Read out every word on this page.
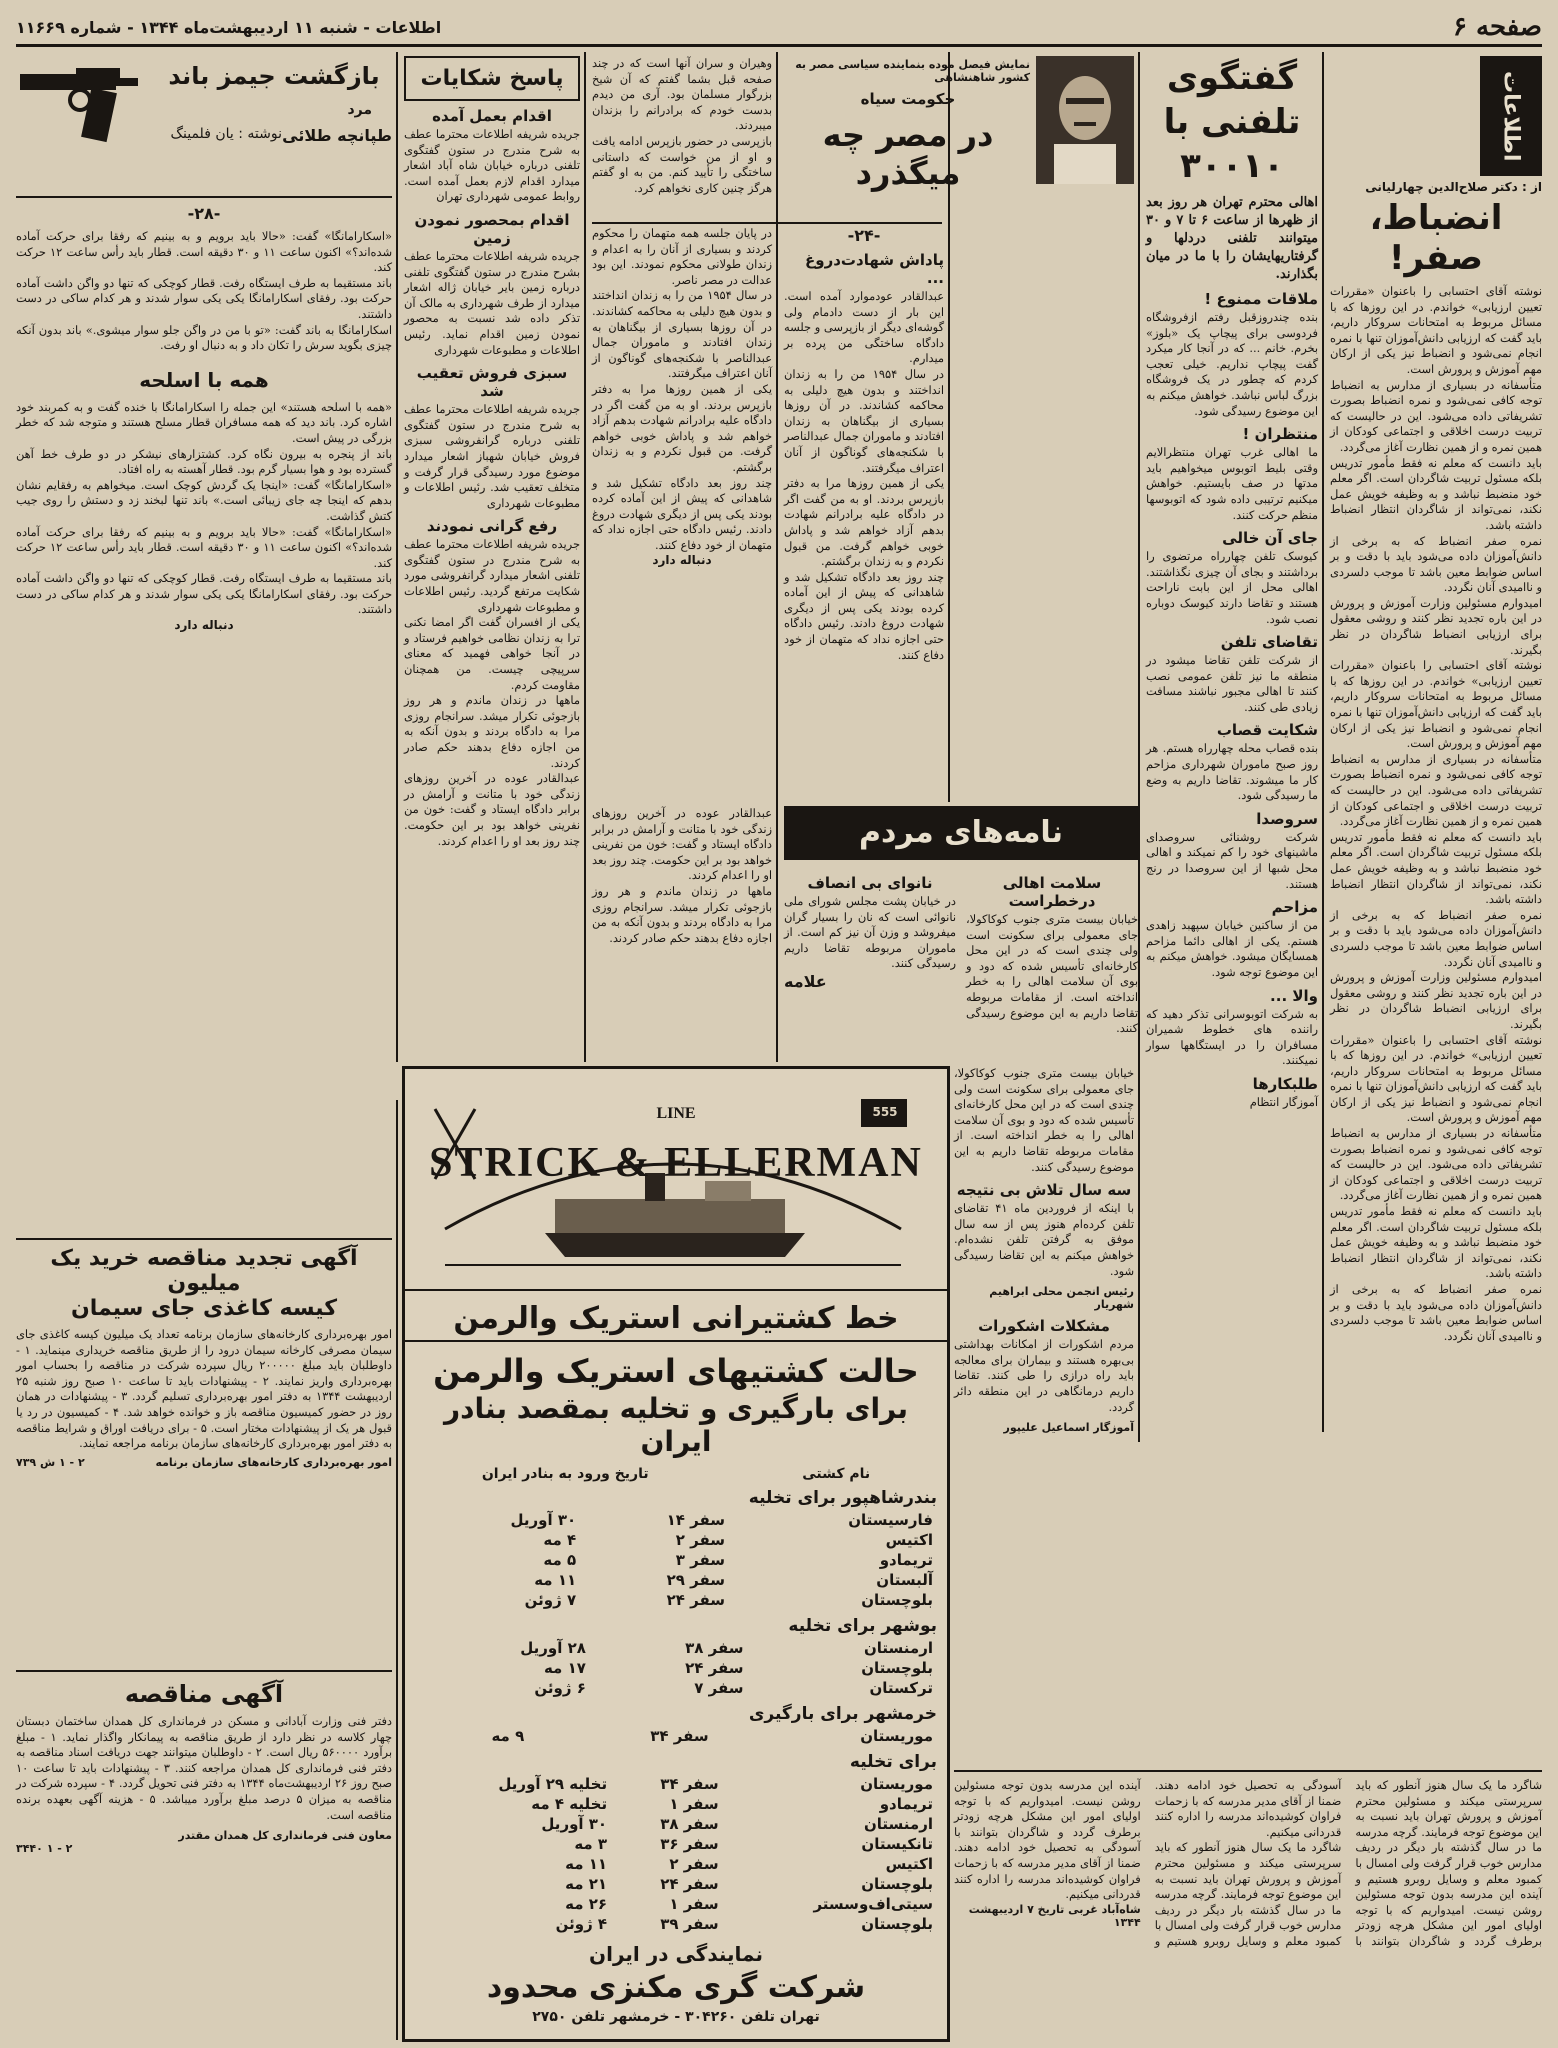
صفحه ۶
اطلاعات - شنبه ۱۱ اردیبهشت‌ماه ۱۳۴۴ - شماره ۱۱۶۶۹
اطلاعات
از : دکتر صلاح‌الدین چهارلیانی
انضباط، صفر!

نوشته آقای احتسابی را باعنوان «مقررات تعیین ارزیابی» خواندم. در این روزها که با مسائل مربوط به امتحانات سروکار داریم، باید گفت که ارزیابی دانش‌آموزان تنها با نمره انجام نمی‌شود و انضباط نیز یکی از ارکان مهم آموزش و پرورش است.

متأسفانه در بسیاری از مدارس به انضباط توجه کافی نمی‌شود و نمره انضباط بصورت تشریفاتی داده می‌شود. این در حالیست که تربیت درست اخلاقی و اجتماعی کودکان از همین نمره و از همین نظارت آغاز می‌گردد.

باید دانست که معلم نه فقط مأمور تدریس بلکه مسئول تربیت شاگردان است. اگر معلم خود منضبط نباشد و به وظیفه خویش عمل نکند، نمی‌تواند از شاگردان انتظار انضباط داشته باشد.

نمره صفر انضباط که به برخی از دانش‌آموزان داده می‌شود باید با دقت و بر اساس ضوابط معین باشد تا موجب دلسردی و ناامیدی آنان نگردد.

امیدوارم مسئولین وزارت آموزش و پرورش در این باره تجدید نظر کنند و روشی معقول برای ارزیابی انضباط شاگردان در نظر بگیرند.

نوشته آقای احتسابی را باعنوان «مقررات تعیین ارزیابی» خواندم. در این روزها که با مسائل مربوط به امتحانات سروکار داریم، باید گفت که ارزیابی دانش‌آموزان تنها با نمره انجام نمی‌شود و انضباط نیز یکی از ارکان مهم آموزش و پرورش است.

متأسفانه در بسیاری از مدارس به انضباط توجه کافی نمی‌شود و نمره انضباط بصورت تشریفاتی داده می‌شود. این در حالیست که تربیت درست اخلاقی و اجتماعی کودکان از همین نمره و از همین نظارت آغاز می‌گردد.

باید دانست که معلم نه فقط مأمور تدریس بلکه مسئول تربیت شاگردان است. اگر معلم خود منضبط نباشد و به وظیفه خویش عمل نکند، نمی‌تواند از شاگردان انتظار انضباط داشته باشد.

نمره صفر انضباط که به برخی از دانش‌آموزان داده می‌شود باید با دقت و بر اساس ضوابط معین باشد تا موجب دلسردی و ناامیدی آنان نگردد.

امیدوارم مسئولین وزارت آموزش و پرورش در این باره تجدید نظر کنند و روشی معقول برای ارزیابی انضباط شاگردان در نظر بگیرند.

نوشته آقای احتسابی را باعنوان «مقررات تعیین ارزیابی» خواندم. در این روزها که با مسائل مربوط به امتحانات سروکار داریم، باید گفت که ارزیابی دانش‌آموزان تنها با نمره انجام نمی‌شود و انضباط نیز یکی از ارکان مهم آموزش و پرورش است.

متأسفانه در بسیاری از مدارس به انضباط توجه کافی نمی‌شود و نمره انضباط بصورت تشریفاتی داده می‌شود. این در حالیست که تربیت درست اخلاقی و اجتماعی کودکان از همین نمره و از همین نظارت آغاز می‌گردد.

باید دانست که معلم نه فقط مأمور تدریس بلکه مسئول تربیت شاگردان است. اگر معلم خود منضبط نباشد و به وظیفه خویش عمل نکند، نمی‌تواند از شاگردان انتظار انضباط داشته باشد.

نمره صفر انضباط که به برخی از دانش‌آموزان داده می‌شود باید با دقت و بر اساس ضوابط معین باشد تا موجب دلسردی و ناامیدی آنان نگردد.

گفتگوی تلفنی با ۳۰۰۱۰

اهالی محترم تهران هر روز بعد از ظهرها از ساعت ۶ تا ۷ و ۳۰ میتوانند تلفنی دردلها و گرفتاریهایشان را با ما در میان بگذارند.

ملاقات ممنوع !

بنده چندروزقبل رفتم ازفروشگاه فردوسی برای پیچاپ یک «بلوز» بخرم. خانم ... که در آنجا کار میکرد گفت پیچاپ نداریم. خیلی تعجب کردم که چطور در یک فروشگاه بزرگ لباس نباشد. خواهش میکنم به این موضوع رسیدگی شود.

منتظران !

ما اهالی غرب تهران منتظرالایم وقتی بلیط اتوبوس میخواهیم باید مدتها در صف بایستیم. خواهش میکنیم ترتیبی داده شود که اتوبوسها منظم حرکت کنند.

جای آن خالی

کیوسک تلفن چهارراه مرتضوی را برداشتند و بجای آن چیزی نگذاشتند. اهالی محل از این بابت ناراحت هستند و تقاضا دارند کیوسک دوباره نصب شود.

تقاضای تلفن

از شرکت تلفن تقاضا میشود در منطقه ما نیز تلفن عمومی نصب کنند تا اهالی مجبور نباشند مسافت زیادی طی کنند.

شکایت قصاب

بنده قصاب محله چهارراه هستم. هر روز صبح ماموران شهرداری مزاحم کار ما میشوند. تقاضا داریم به وضع ما رسیدگی شود.

سروصدا

شرکت روشنائی سروصدای ماشینهای خود را کم نمیکند و اهالی محل شبها از این سروصدا در رنج هستند.

مزاحم

من از ساکنین خیابان سپهبد زاهدی هستم. یکی از اهالی دائما مزاحم همسایگان میشود. خواهش میکنم به این موضوع توجه شود.

والا ...

به شرکت اتوبوسرانی تذکر دهید که راننده های خطوط شمیران مسافران را در ایستگاهها سوار نمیکنند.

طلبکارها

آموزگار انتظام

نمایش فیصل موده بنماینده سیاسی مصر به کشور شاهنشاهی
حکومت سیاه
در مصر چه میگذرد
-۲۴-
پاداش شهادت‌دروغ ...

عبدالقادر عودموارد آمده است. این بار از دست دادمام ولی گوشه‌ای دیگر از بازپرسی و جلسه دادگاه ساختگی من پرده بر میدارم.

در سال ۱۹۵۴ من را به زندان انداختند و بدون هیچ دلیلی به محاکمه کشاندند. در آن روزها بسیاری از بیگناهان به زندان افتادند و ماموران جمال عبدالناصر با شکنجه‌های گوناگون از آنان اعتراف میگرفتند.

یکی از همین روزها مرا به دفتر بازپرس بردند. او به من گفت اگر در دادگاه علیه برادرانم شهادت بدهم آزاد خواهم شد و پاداش خوبی خواهم گرفت. من قبول نکردم و به زندان برگشتم.

چند روز بعد دادگاه تشکیل شد و شاهدانی که پیش از این آماده کرده بودند یکی پس از دیگری شهادت دروغ دادند. رئیس دادگاه حتی اجازه نداد که متهمان از خود دفاع کنند.

در پایان جلسه همه متهمان را محکوم کردند و بسیاری از آنان را به اعدام و زندان طولانی محکوم نمودند. این بود عدالت در مصر ناصر.

در سال ۱۹۵۴ من را به زندان انداختند و بدون هیچ دلیلی به محاکمه کشاندند. در آن روزها بسیاری از بیگناهان به زندان افتادند و ماموران جمال عبدالناصر با شکنجه‌های گوناگون از آنان اعتراف میگرفتند.

یکی از همین روزها مرا به دفتر بازپرس بردند. او به من گفت اگر در دادگاه علیه برادرانم شهادت بدهم آزاد خواهم شد و پاداش خوبی خواهم گرفت. من قبول نکردم و به زندان برگشتم.

چند روز بعد دادگاه تشکیل شد و شاهدانی که پیش از این آماده کرده بودند یکی پس از دیگری شهادت دروغ دادند. رئیس دادگاه حتی اجازه نداد که متهمان از خود دفاع کنند.

دنباله دارد

وهیران و سران آنها است که در چند صفحه قبل بشما گفتم که آن شیخ بزرگوار مسلمان بود. آری من دیدم بدست خودم که برادرانم را بزندان میبردند.

بازپرسی در حضور بازپرس ادامه یافت و او از من خواست که داستانی ساختگی را تأیید کنم. من به او گفتم هرگز چنین کاری نخواهم کرد.

پاسخ شکایات
اقدام بعمل آمده

جریده شریفه اطلاعات محترما عطف به شرح مندرج در ستون گفتگوی تلفنی درباره خیابان شاه آباد اشعار میدارد اقدام لازم بعمل آمده است. روابط عمومی شهرداری تهران

اقدام بمحصور نمودن زمین

جریده شریفه اطلاعات محترما عطف بشرح مندرج در ستون گفتگوی تلفنی درباره زمین بایر خیابان ژاله اشعار میدارد از طرف شهرداری به مالک آن تذکر داده شد نسبت به محصور نمودن زمین اقدام نماید. رئیس اطلاعات و مطبوعات شهرداری

سبزی فروش تعقیب شد

جریده شریفه اطلاعات محترما عطف به شرح مندرج در ستون گفتگوی تلفنی درباره گرانفروشی سبزی فروش خیابان شهباز اشعار میدارد موضوع مورد رسیدگی قرار گرفت و متخلف تعقیب شد. رئیس اطلاعات و مطبوعات شهرداری

رفع گرانی نمودند

جریده شریفه اطلاعات محترما عطف به شرح مندرج در ستون گفتگوی تلفنی اشعار میدارد گرانفروشی مورد شکایت مرتفع گردید. رئیس اطلاعات و مطبوعات شهرداری

یکی از افسران گفت اگر امضا نکنی ترا به زندان نظامی خواهیم فرستاد و در آنجا خواهی فهمید که معنای سرپیچی چیست. من همچنان مقاومت کردم.

ماهها در زندان ماندم و هر روز بازجوئی تکرار میشد. سرانجام روزی مرا به دادگاه بردند و بدون آنکه به من اجازه دفاع بدهند حکم صادر کردند.

عبدالقادر عوده در آخرین روزهای زندگی خود با متانت و آرامش در برابر دادگاه ایستاد و گفت: خون من نفرینی خواهد بود بر این حکومت. چند روز بعد او را اعدام کردند.

بازگشت جیمز باند
مرد
طپانچه طلائی
نوشته : یان فلمینگ
-۲۸-

«اسکارامانگا» گفت: «حالا باید برویم و به بینیم که رفقا برای حرکت آماده شده‌اند؟» اکنون ساعت ۱۱ و ۳۰ دقیقه است. قطار باید رأس ساعت ۱۲ حرکت کند.

باند مستقیما به طرف ایستگاه رفت. قطار کوچکی که تنها دو واگن داشت آماده حرکت بود. رفقای اسکارامانگا یکی یکی سوار شدند و هر کدام ساکی در دست داشتند.

اسکارامانگا به باند گفت: «تو با من در واگن جلو سوار میشوی.» باند بدون آنکه چیزی بگوید سرش را تکان داد و به دنبال او رفت.

همه با اسلحه

«همه با اسلحه هستند» این جمله را اسکارامانگا با خنده گفت و به کمربند خود اشاره کرد. باند دید که همه مسافران قطار مسلح هستند و متوجه شد که خطر بزرگی در پیش است.

باند از پنجره به بیرون نگاه کرد. کشتزارهای نیشکر در دو طرف خط آهن گسترده بود و هوا بسیار گرم بود. قطار آهسته به راه افتاد.

«اسکارامانگا» گفت: «اینجا یک گردش کوچک است. میخواهم به رفقایم نشان بدهم که اینجا چه جای زیبائی است.» باند تنها لبخند زد و دستش را روی جیب کتش گذاشت.

«اسکارامانگا» گفت: «حالا باید برویم و به بینیم که رفقا برای حرکت آماده شده‌اند؟» اکنون ساعت ۱۱ و ۳۰ دقیقه است. قطار باید رأس ساعت ۱۲ حرکت کند.

باند مستقیما به طرف ایستگاه رفت. قطار کوچکی که تنها دو واگن داشت آماده حرکت بود. رفقای اسکارامانگا یکی یکی سوار شدند و هر کدام ساکی در دست داشتند.

دنباله دارد
نامه‌های مردم
سلامت اهالی درخطراست

خیابان بیست متری جنوب کوکاکولا، جای معمولی برای سکونت است ولی چندی است که در این محل کارخانه‌ای تأسیس شده که دود و بوی آن سلامت اهالی را به خطر انداخته است. از مقامات مربوطه تقاضا داریم به این موضوع رسیدگی کنند.

نانوای بی انصاف

در خیابان پشت مجلس شورای ملی نانوائی است که نان را بسیار گران میفروشد و وزن آن نیز کم است. از ماموران مربوطه تقاضا داریم رسیدگی کنند.

علامه

عبدالقادر عوده در آخرین روزهای زندگی خود با متانت و آرامش در برابر دادگاه ایستاد و گفت: خون من نفرینی خواهد بود بر این حکومت. چند روز بعد او را اعدام کردند.

ماهها در زندان ماندم و هر روز بازجوئی تکرار میشد. سرانجام روزی مرا به دادگاه بردند و بدون آنکه به من اجازه دفاع بدهند حکم صادر کردند.

خیابان بیست متری جنوب کوکاکولا، جای معمولی برای سکونت است ولی چندی است که در این محل کارخانه‌ای تأسیس شده که دود و بوی آن سلامت اهالی را به خطر انداخته است. از مقامات مربوطه تقاضا داریم به این موضوع رسیدگی کنند.

سه سال تلاش بی نتیجه

با اینکه از فروردین ماه ۴۱ تقاضای تلفن کرده‌ام هنوز پس از سه سال موفق به گرفتن تلفن نشده‌ام. خواهش میکنم به این تقاضا رسیدگی شود.

رئیس انجمن محلی ابراهیم شهریار
مشکلات اشکورات

مردم اشکورات از امکانات بهداشتی بی‌بهره هستند و بیماران برای معالجه باید راه درازی را طی کنند. تقاضا داریم درمانگاهی در این منطقه دائر گردد.

آموزگار اسماعیل علیپور

شاگرد ما یک سال هنوز آنطور که باید سرپرستی میکند و مسئولین محترم آموزش و پرورش تهران باید نسبت به این موضوع توجه فرمایند. گرچه مدرسه ما در سال گذشته بار دیگر در ردیف مدارس خوب قرار گرفت ولی امسال با کمبود معلم و وسایل روبرو هستیم و آینده این مدرسه بدون توجه مسئولین روشن نیست. امیدواریم که با توجه اولیای امور این مشکل هرچه زودتر برطرف گردد و شاگردان بتوانند با آسودگی به تحصیل خود ادامه دهند. ضمنا از آقای مدیر مدرسه که با زحمات فراوان کوشیده‌اند مدرسه را اداره کنند قدردانی میکنیم.

شاگرد ما یک سال هنوز آنطور که باید سرپرستی میکند و مسئولین محترم آموزش و پرورش تهران باید نسبت به این موضوع توجه فرمایند. گرچه مدرسه ما در سال گذشته بار دیگر در ردیف مدارس خوب قرار گرفت ولی امسال با کمبود معلم و وسایل روبرو هستیم و آینده این مدرسه بدون توجه مسئولین روشن نیست. امیدواریم که با توجه اولیای امور این مشکل هرچه زودتر برطرف گردد و شاگردان بتوانند با آسودگی به تحصیل خود ادامه دهند. ضمنا از آقای مدیر مدرسه که با زحمات فراوان کوشیده‌اند مدرسه را اداره کنند قدردانی میکنیم.

شاه‌آباد غربی تاریخ ۷ اردیبهشت ۱۳۴۴
STRICK & ELLERMAN
LINE	555
خط کشتیرانی استریک والرمن
حالت کشتیهای استریک والرمن
برای بارگیری و تخلیه بمقصد بنادر ایران
نام کشتی
تاریخ ورود به بنادر ایران
بندرشاهپور برای تخلیه
فارسیستان	سفر ۱۴	۳۰ آوریل
اکتیس	سفر ۲	۴ مه
تریمادو	سفر ۳	۵ مه
آلبستان	سفر ۲۹	۱۱ مه
بلوچستان	سفر ۲۴	۷ ژوئن
بوشهر برای تخلیه
ارمنستان	سفر ۳۸	۲۸ آوریل
بلوچستان	سفر ۲۴	۱۷ مه
ترکستان	سفر ۷	۶ ژوئن
خرمشهر برای بارگیری
موریستان	سفر ۳۴	۹ مه
برای تخلیه
موریستان	سفر ۳۴	تخلیه ۲۹ آوریل
تریمادو	سفر ۱	تخلیه ۴ مه
ارمنستان	سفر ۳۸	۳۰ آوریل
تانکیستان	سفر ۳۶	۳ مه
اکتیس	سفر ۲	۱۱ مه
بلوچستان	سفر ۲۴	۲۱ مه
سیتی‌اف‌وسستر	سفر ۱	۲۶ مه
بلوچستان	سفر ۳۹	۴ ژوئن
نمایندگی در ایران
شرکت گری مکنزی محدود
تهران تلفن ۳۰۴۲۶۰ - خرمشهر تلفن ۲۷۵۰
آگهی تجدید مناقصه خرید یک میلیون
کیسه کاغذی جای سیمان

امور بهره‌برداری کارخانه‌های سازمان برنامه تعداد یک میلیون کیسه کاغذی جای سیمان مصرفی کارخانه سیمان درود را از طریق مناقصه خریداری مینماید. ۱ - داوطلبان باید مبلغ ۲۰۰۰۰۰ ریال سپرده شرکت در مناقصه را بحساب امور بهره‌برداری واریز نمایند. ۲ - پیشنهادات باید تا ساعت ۱۰ صبح روز شنبه ۲۵ اردیبهشت ۱۳۴۴ به دفتر امور بهره‌برداری تسلیم گردد. ۳ - پیشنهادات در همان روز در حضور کمیسیون مناقصه باز و خوانده خواهد شد. ۴ - کمیسیون در رد یا قبول هر یک از پیشنهادات مختار است. ۵ - برای دریافت اوراق و شرایط مناقصه به دفتر امور بهره‌برداری کارخانه‌های سازمان برنامه مراجعه نمایند.

امور بهره‌برداری کارخانه‌های سازمان برنامه
۲ - ۱ ش ۷۳۹
آگهی مناقصه

دفتر فنی وزارت آبادانی و مسکن در فرمانداری کل همدان ساختمان دبستان چهار کلاسه در نظر دارد از طریق مناقصه به پیمانکار واگذار نماید. ۱ - مبلغ برآورد ۵۶۰۰۰۰ ریال است. ۲ - داوطلبان میتوانند جهت دریافت اسناد مناقصه به دفتر فنی فرمانداری کل همدان مراجعه کنند. ۳ - پیشنهادات باید تا ساعت ۱۰ صبح روز ۲۶ اردیبهشت‌ماه ۱۳۴۴ به دفتر فنی تحویل گردد. ۴ - سپرده شرکت در مناقصه به میزان ۵ درصد مبلغ برآورد میباشد. ۵ - هزینه آگهی بعهده برنده مناقصه است.

معاون فنی فرمانداری کل همدان مقتدر
۲ - ۱ ۳۴۴۰
